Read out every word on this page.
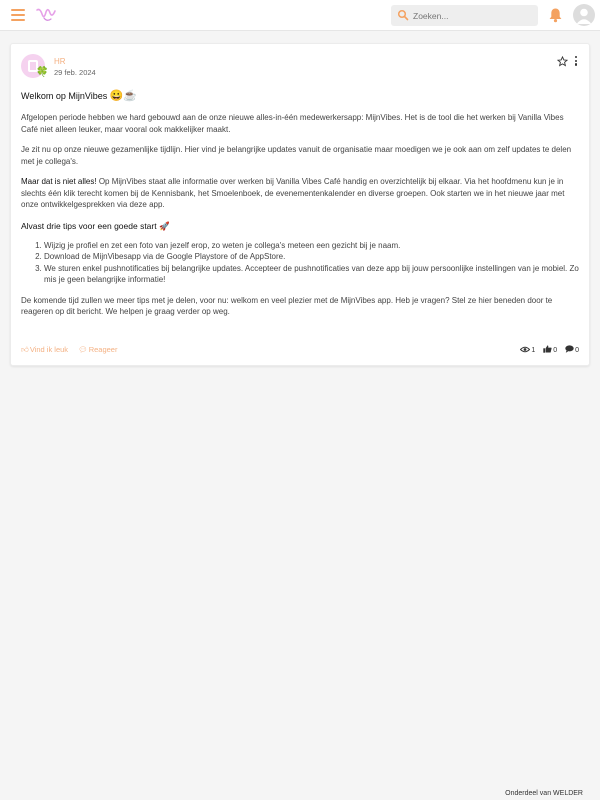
Zoeken...
🍀
HR
29 feb. 2024
Welkom op MijnVibes 😀☕

Afgelopen periode hebben we hard gebouwd aan de onze nieuwe alles-in-één medewerkersapp: MijnVibes. Het is de tool die het werken bij Vanilla Vibes Café niet alleen leuker, maar vooral ook makkelijker maakt.

Je zit nu op onze nieuwe gezamenlijke tijdlijn. Hier vind je belangrijke updates vanuit de organisatie maar moedigen we je ook aan om zelf updates te delen met je collega's.

Maar dat is niet alles! Op MijnVibes staat alle informatie over werken bij Vanilla Vibes Café handig en overzichtelijk bij elkaar. Via het hoofdmenu kun je in slechts één klik terecht komen bij de Kennisbank, het Smoelenboek, de evenementenkalender en diverse groepen. Ook starten we in het nieuwe jaar met onze ontwikkelgesprekken via deze app.

Alvast drie tips voor een goede start 🚀
1. Wijzig je profiel en zet een foto van jezelf erop, zo weten je collega's meteen een gezicht bij je naam.
2. Download de MijnVibesapp via de Google Playstore of de AppStore.
3. We sturen enkel pushnotificaties bij belangrijke updates. Accepteer de pushnotificaties van deze app bij jouw persoonlijke instellingen van je mobiel. Zo mis je geen belangrijke informatie!

De komende tijd zullen we meer tips met je delen, voor nu: welkom en veel plezier met de MijnVibes app. Heb je vragen? Stel ze hier beneden door te reageren op dit bericht. We helpen je graag verder op weg.

👍︎Vind ik leuk 💬︎Reageer	1	0	0
Onderdeel van WELDER
